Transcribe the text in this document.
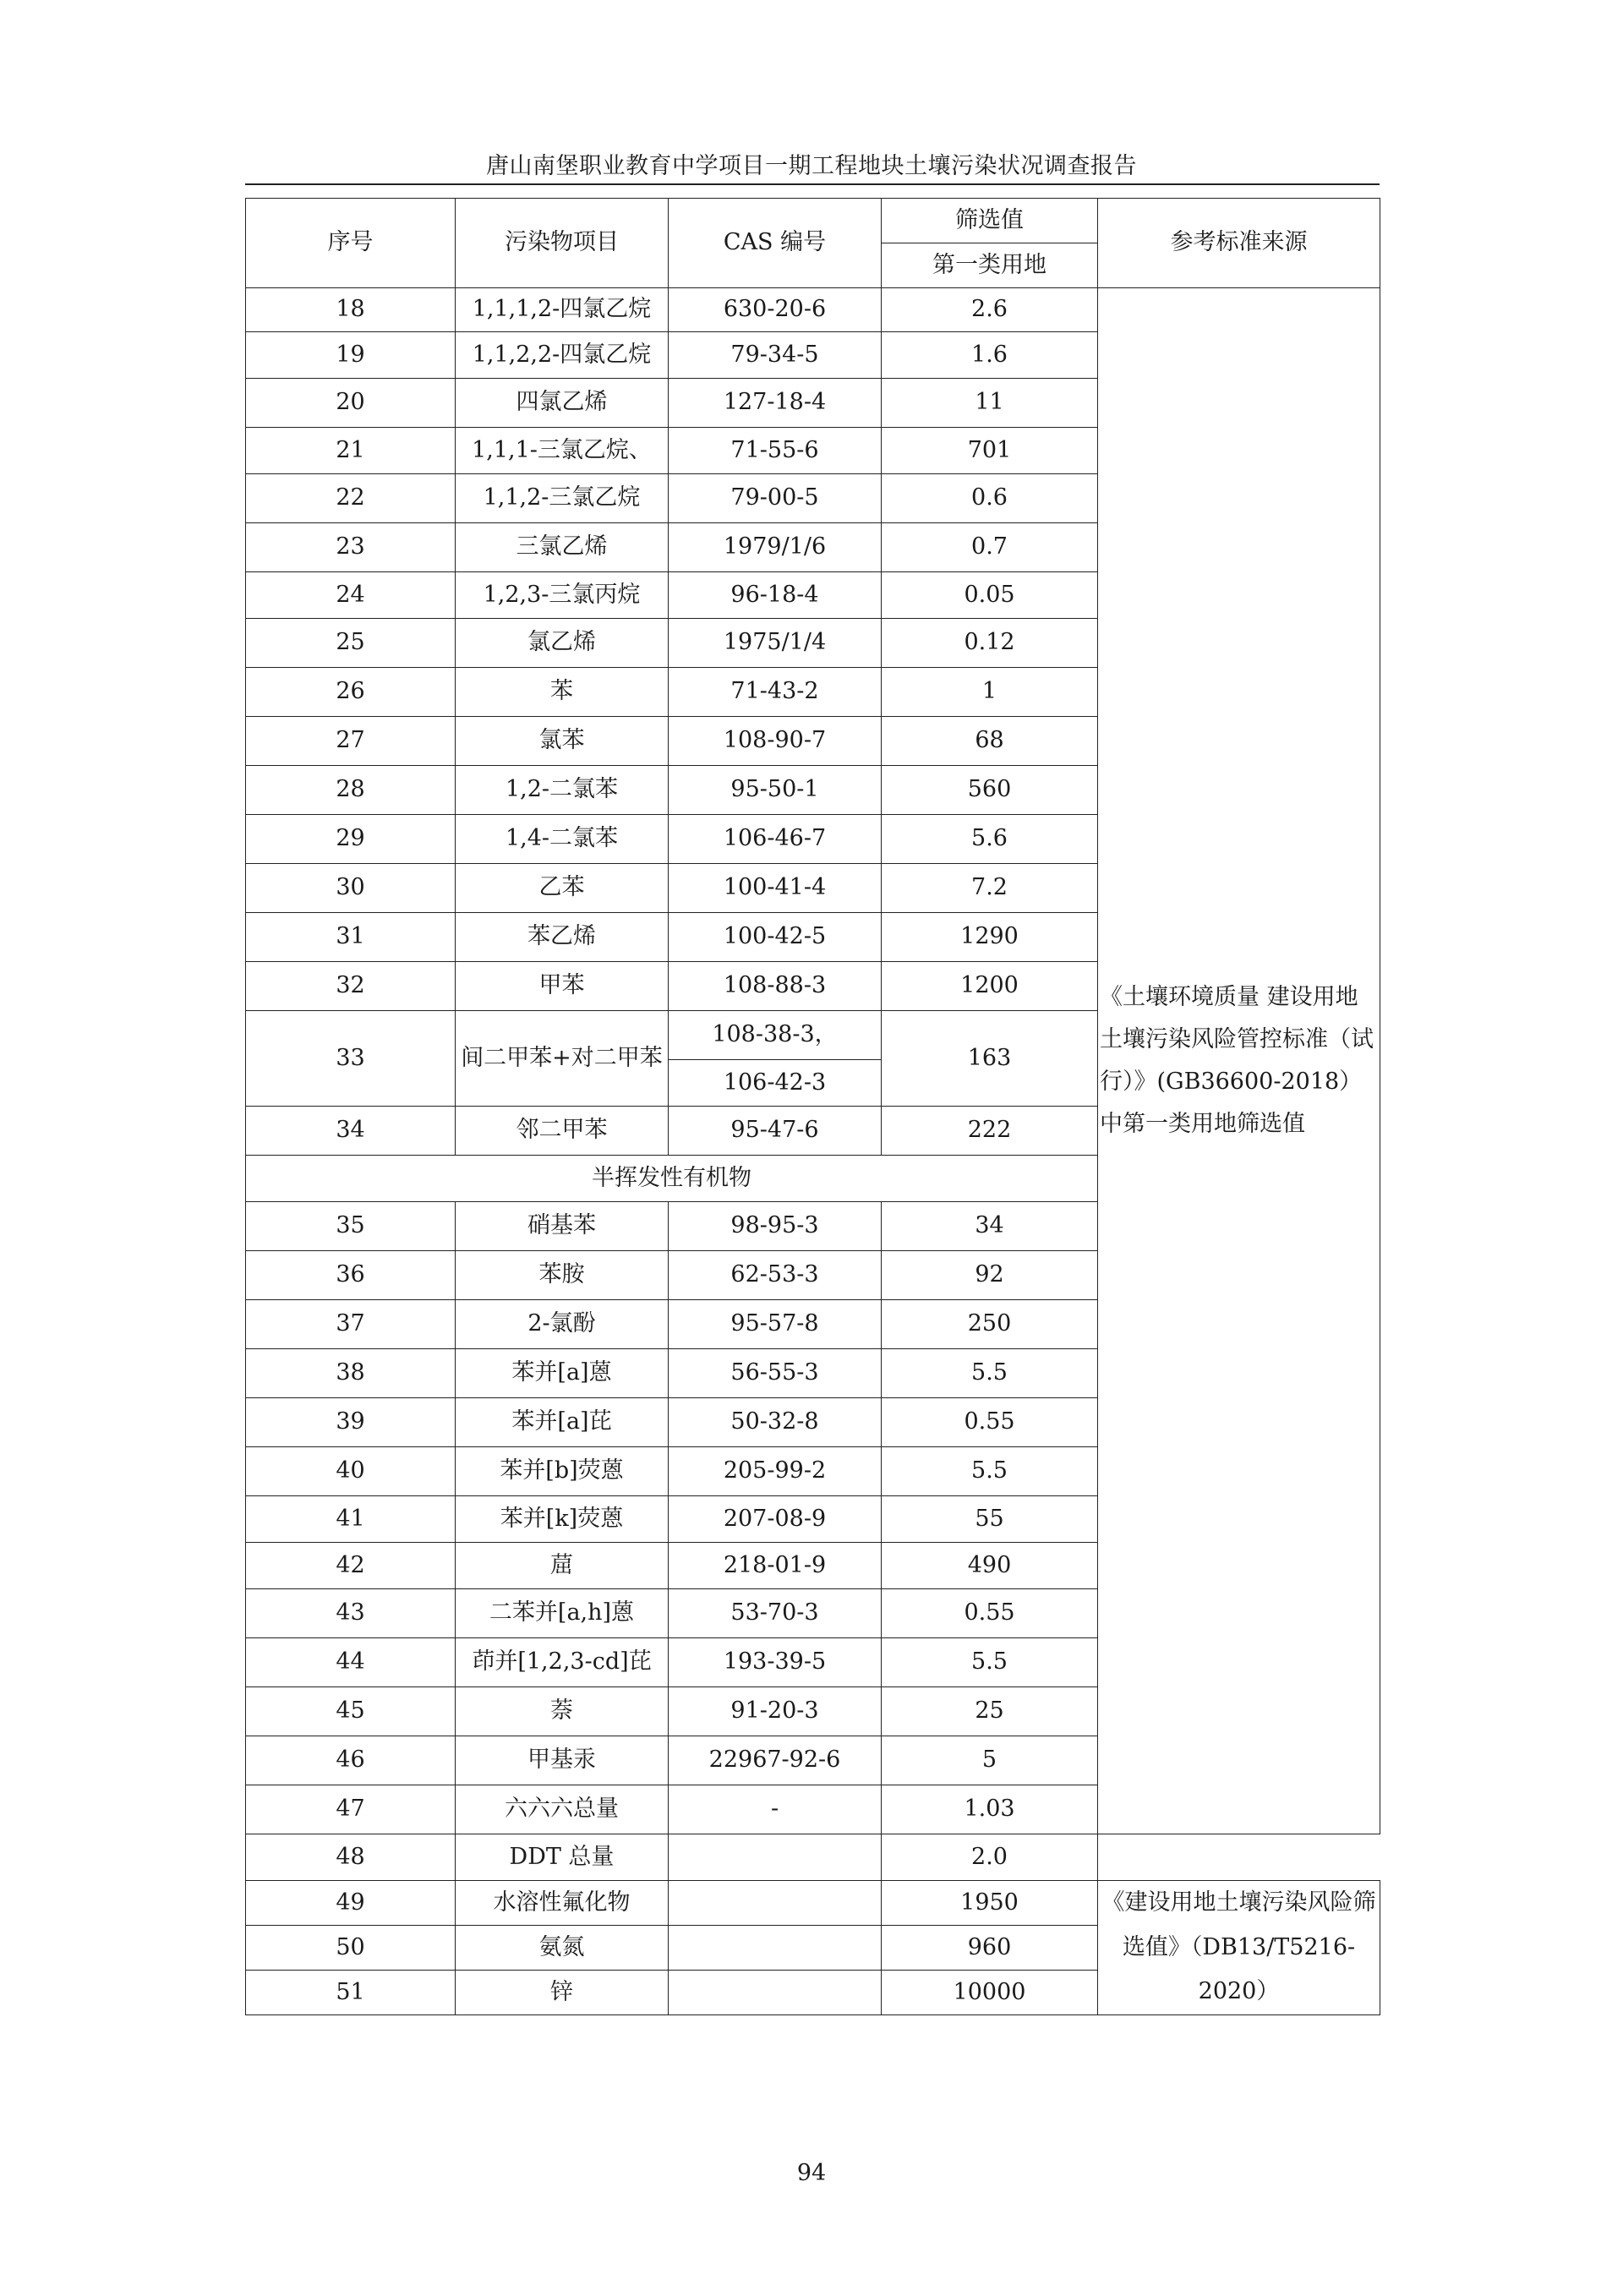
唐山南堡职业教育中学项目一期工程地块土壤污染状况调查报告
序号	污染物项目	CAS 编号	筛选值	参考标准来源
			第一类用地	
18	1,1,1,2-四氯乙烷	630-20-6	2.6	《土壤环境质量 建设用地土壤污染风险管控标准（试行）》(GB36600-2018）中第一类用地筛选值
19	1,1,2,2-四氯乙烷	79-34-5	1.6	
20	四氯乙烯	127-18-4	11	
21	1,1,1-三氯乙烷、	71-55-6	701	
22	1,1,2-三氯乙烷	79-00-5	0.6	
23	三氯乙烯	1979/1/6	0.7	
24	1,2,3-三氯丙烷	96-18-4	0.05	
25	氯乙烯	1975/1/4	0.12	
26	苯	71-43-2	1	
27	氯苯	108-90-7	68	
28	1,2-二氯苯	95-50-1	560	
29	1,4-二氯苯	106-46-7	5.6	
30	乙苯	100-41-4	7.2	
31	苯乙烯	100-42-5	1290	
32	甲苯	108-88-3	1200	
33	间二甲苯+对二甲苯	108-38-3，	163	
		106-42-3		
34	邻二甲苯	95-47-6	222	
半挥发性有机物				
35	硝基苯	98-95-3	34	
36	苯胺	62-53-3	92	
37	2-氯酚	95-57-8	250	
38	苯并[a]蒽	56-55-3	5.5	
39	苯并[a]芘	50-32-8	0.55	
40	苯并[b]荧蒽	205-99-2	5.5	
41	苯并[k]荧蒽	207-08-9	55	
42	䓛	218-01-9	490	
43	二苯并[a,h]蒽	53-70-3	0.55	
44	茚并[1,2,3-cd]芘	193-39-5	5.5	
45	萘	91-20-3	25	
46	甲基汞	22967-92-6	5	
47	六六六总量	-	1.03	
48	DDT 总量		2.0	
49	水溶性氟化物		1950	《建设用地土壤污染风险筛选值》（DB13/T5216-2020）
50	氨氮		960	
51	锌		10000	
94
